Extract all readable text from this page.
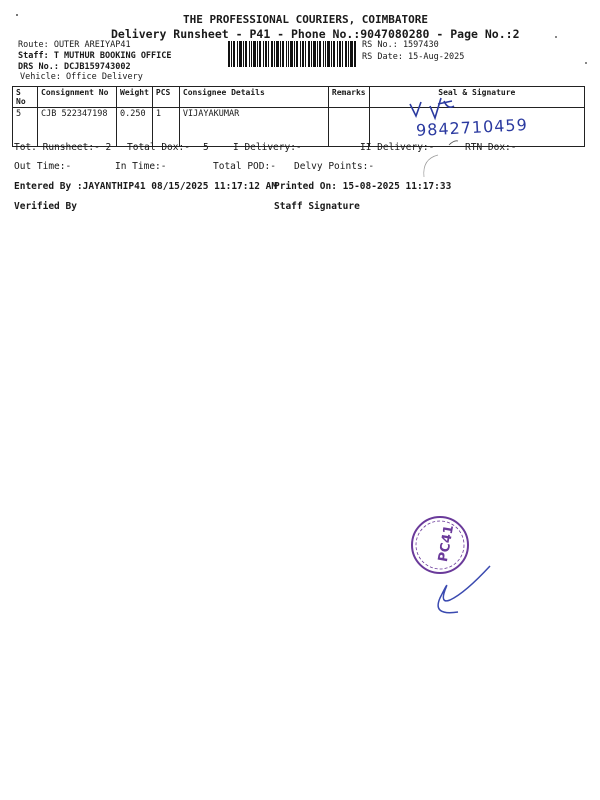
THE PROFESSIONAL COURIERS, COIMBATORE
Delivery Runsheet - P41 - Phone No.:9047080280 - Page No.:2
Route: OUTER AREIYAP41
Staff: T MUTHUR BOOKING OFFICE
DRS No.: DCJB159743002
Vehicle: Office Delivery
RS No.: 1597430
RS Date: 15-Aug-2025
S No	Consignment No	Weight	PCS	Consignee Details	Remarks	Seal & Signature
5	CJB 522347198	0.250	1	VIJAYAKUMAR		
9842710459
Tot. Runsheet:- 2 Total Dox:- 5	I Delivery:-	II Delivery:-	RTN Dox:-
Out Time:-	In Time:-	Total POD:- Delvy Points:-
Entered By :JAYANTHIP41 08/15/2025 11:17:12 AM
Printed On: 15-08-2025 11:17:33
Verified By	Staff Signature
PC41
